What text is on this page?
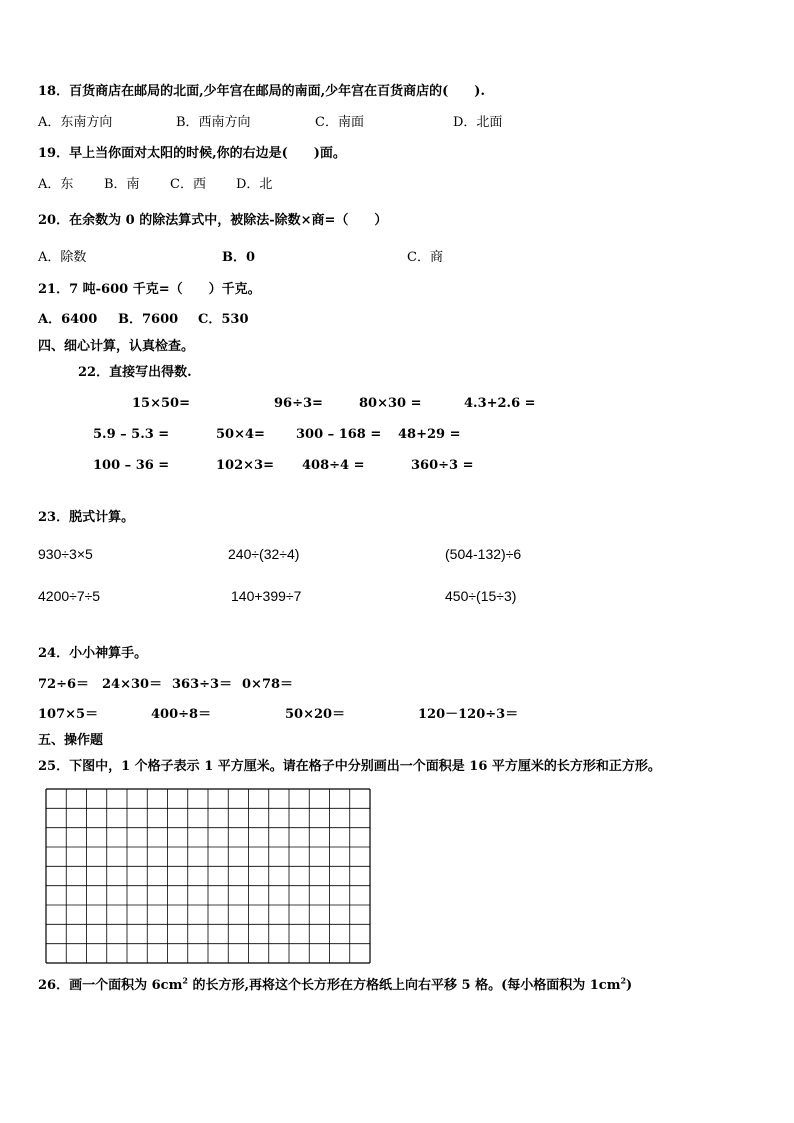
18．百货商店在邮局的北面,少年宫在邮局的南面,少年宫在百货商店的(　　).
A．东南方向	B．西南方向	C．南面	D．北面
19．早上当你面对太阳的时候,你的右边是(　　)面。
A．东 B．南 C．西 D．北
20．在余数为 0 的除法算式中，被除法-除数×商=（　　）
A．除数	B．0	C．商
21．7 吨-600 千克=（　　）千克。
A．6400 B．7600 C．530
四、细心计算，认真检查。
22．直接写出得数.
15×50=	96÷3=	80×30 =	4.3+2.6 =
5.9 – 5.3 =	50×4= 300 – 168 = 48+29 =
100 – 36 =	102×3= 408÷4 =	360÷3 =
23．脱式计算。
930÷3×5	240÷(32÷4)	(504-132)÷6
4200÷7÷5	140+399÷7	450÷(15÷3)
24．小小神算手。
72÷6＝ 24×30＝ 363÷3＝ 0×78＝
107×5＝	400÷8＝	50×20＝	120－120÷3＝
五、操作题
25．下图中，1 个格子表示 1 平方厘米。请在格子中分别画出一个面积是 16 平方厘米的长方形和正方形。
26．画一个面积为 $6cm^2$ 的长方形,再将这个长方形在方格纸上向右平移 5 格。(每小格面积为 $1cm^2$)
